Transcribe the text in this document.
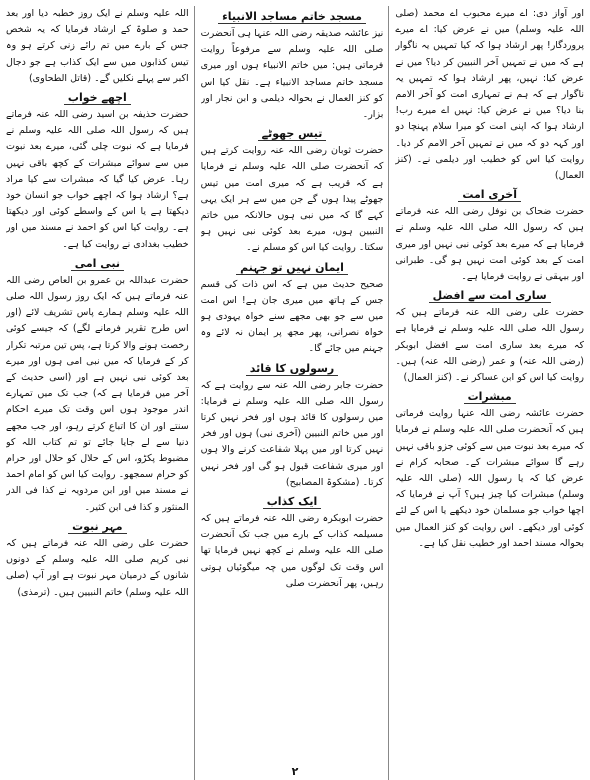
اور آواز دی: اے میرے محبوب اے محمد (صلی اللہ علیہ وسلم) میں نے عرض کیا: اے میرے پروردگار! پھر ارشاد ہوا کہ کیا تمہیں یہ ناگوار ہے کہ میں نے تمہیں آخر النبیین کر دیا؟ میں نے عرض کیا: نہیں، پھر ارشاد ہوا کہ تمہیں یہ ناگوار ہے کہ ہم نے تمہاری امت کو آخر الامم بنا دیا؟ میں نے عرض کیا: نہیں اے میرے رب! ارشاد ہوا کہ اپنی امت کو میرا سلام پہنچا دو اور کہہ دو کہ میں نے تمہیں آخر الامم کر دیا۔ روایت کیا اس کو خطیب اور دیلمی نے۔ (کنز العمال)

آخری امت

حضرت ضحاک بن نوفل رضی اللہ عنہ فرماتے ہیں کہ رسول اللہ صلی اللہ علیہ وسلم نے فرمایا ہے کہ میرے بعد کوئی نبی نہیں اور میری امت کے بعد کوئی امت نہیں ہو گی۔ طبرانی اور بیہقی نے روایت فرمایا ہے۔

ساری امت سے افضل

حضرت علی رضی اللہ عنہ فرماتے ہیں کہ رسول اللہ صلی اللہ علیہ وسلم نے فرمایا ہے کہ میرے بعد ساری امت سے افضل ابوبکر (رضی اللہ عنہ) و عمر (رضی اللہ عنہ) ہیں۔ روایت کیا اس کو ابن عساکر نے۔ (کنز العمال)

مبشرات

حضرت عائشہ رضی اللہ عنہا روایت فرماتی ہیں کہ آنحضرت صلی اللہ علیہ وسلم نے فرمایا کہ میرے بعد نبوت میں سے کوئی جزو باقی نہیں رہے گا سوائے مبشرات کے۔ صحابہ کرام نے عرض کیا کہ یا رسول اللہ (صلی اللہ علیہ وسلم) مبشرات کیا چیز ہیں؟ آپ نے فرمایا کہ اچھا خواب جو مسلمان خود دیکھے یا اس کے لئے کوئی اور دیکھے۔ اس روایت کو کنز العمال میں بحوالہ مسند احمد اور خطیب نقل کیا ہے۔

مسجد خاتم مساجد الانبیاء

نیز عائشہ صدیقہ رضی اللہ عنہا ہی آنحضرت صلی اللہ علیہ وسلم سے مرفوعاً روایت فرماتی ہیں: میں خاتم الانبیاء ہوں اور میری مسجد خاتم مساجد الانبیاء ہے۔ نقل کیا اس کو کنز العمال نے بحوالہ دیلمی و ابن نجار اور بزار۔

تیس جھوٹے

حضرت ثوبان رضی اللہ عنہ روایت کرتے ہیں کہ آنحضرت صلی اللہ علیہ وسلم نے فرمایا ہے کہ قریب ہے کہ میری امت میں تیس جھوٹے پیدا ہوں گے جن میں سے ہر ایک یہی کہے گا کہ میں نبی ہوں حالانکہ میں خاتم النبیین ہوں، میرے بعد کوئی نبی نہیں ہو سکتا۔ روایت کیا اس کو مسلم نے۔

ایمان نہیں تو جہنم

صحیح حدیث میں ہے کہ اس ذات کی قسم جس کے ہاتھ میں میری جان ہے! اس امت میں سے جو بھی مجھے سنے خواہ یہودی ہو خواہ نصرانی، پھر مجھ پر ایمان نہ لائے وہ جہنم میں جائے گا۔

رسولوں کا قائد

حضرت جابر رضی اللہ عنہ سے روایت ہے کہ رسول اللہ صلی اللہ علیہ وسلم نے فرمایا: میں رسولوں کا قائد ہوں اور فخر نہیں کرتا اور میں خاتم النبیین (آخری نبی) ہوں اور فخر نہیں کرتا اور میں پہلا شفاعت کرنے والا ہوں اور میری شفاعت قبول ہو گی اور فخر نہیں کرتا۔ (مشکوۃ المصابیح)

ایک کذاب

حضرت ابوبکرہ رضی اللہ عنہ فرماتے ہیں کہ مسیلمہ کذاب کے بارے میں جب تک آنحضرت صلی اللہ علیہ وسلم نے کچھ نہیں فرمایا تھا اس وقت تک لوگوں میں چہ میگوئیاں ہوتی رہیں، پھر آنحضرت صلی

اللہ علیہ وسلم نے ایک روز خطبہ دیا اور بعد حمد و صلوۃ کے ارشاد فرمایا کہ یہ شخص جس کے بارے میں تم رائے زنی کرتے ہو وہ تیس کذابوں میں سے ایک کذاب ہے جو دجال اکبر سے پہلے نکلیں گے۔ (قاتل الطحاوی)

اچھے خواب

حضرت حذیفہ بن اسید رضی اللہ عنہ فرماتے ہیں کہ رسول اللہ صلی اللہ علیہ وسلم نے فرمایا ہے کہ نبوت چلی گئی، میرے بعد نبوت میں سے سوائے مبشرات کے کچھ باقی نہیں رہا۔ عرض کیا گیا کہ مبشرات سے کیا مراد ہے؟ ارشاد ہوا کہ اچھے خواب جو انسان خود دیکھتا ہے یا اس کے واسطے کوئی اور دیکھتا ہے۔ روایت کیا اس کو احمد نے مسند میں اور خطیب بغدادی نے روایت کیا ہے۔

نبی امی

حضرت عبداللہ بن عمرو بن العاص رضی اللہ عنہ فرماتے ہیں کہ ایک روز رسول اللہ صلی اللہ علیہ وسلم ہمارے پاس تشریف لائے (اور اس طرح تقریر فرمانے لگے) کہ جیسے کوئی رخصت ہونے والا کرتا ہے، پس تین مرتبہ تکرار کر کے فرمایا کہ میں نبی امی ہوں اور میرے بعد کوئی نبی نہیں ہے اور (اسی حدیث کے آخر میں فرمایا ہے کہ) جب تک میں تمہارے اندر موجود ہوں اس وقت تک میرے احکام سنتے اور ان کا اتباع کرتے رہو، اور جب مجھے دنیا سے لے جایا جائے تو تم کتاب اللہ کو مضبوط پکڑو، اس کے حلال کو حلال اور حرام کو حرام سمجھو۔ روایت کیا اس کو امام احمد نے مسند میں اور ابن مردویہ نے کذا فی الدر المنثور و کذا فی ابن کثیر۔

مہر نبوت

حضرت علی رضی اللہ عنہ فرماتے ہیں کہ نبی کریم صلی اللہ علیہ وسلم کے دونوں شانوں کے درمیان مہر نبوت ہے اور آپ (صلی اللہ علیہ وسلم) خاتم النبیین ہیں۔ (ترمذی)

۲
